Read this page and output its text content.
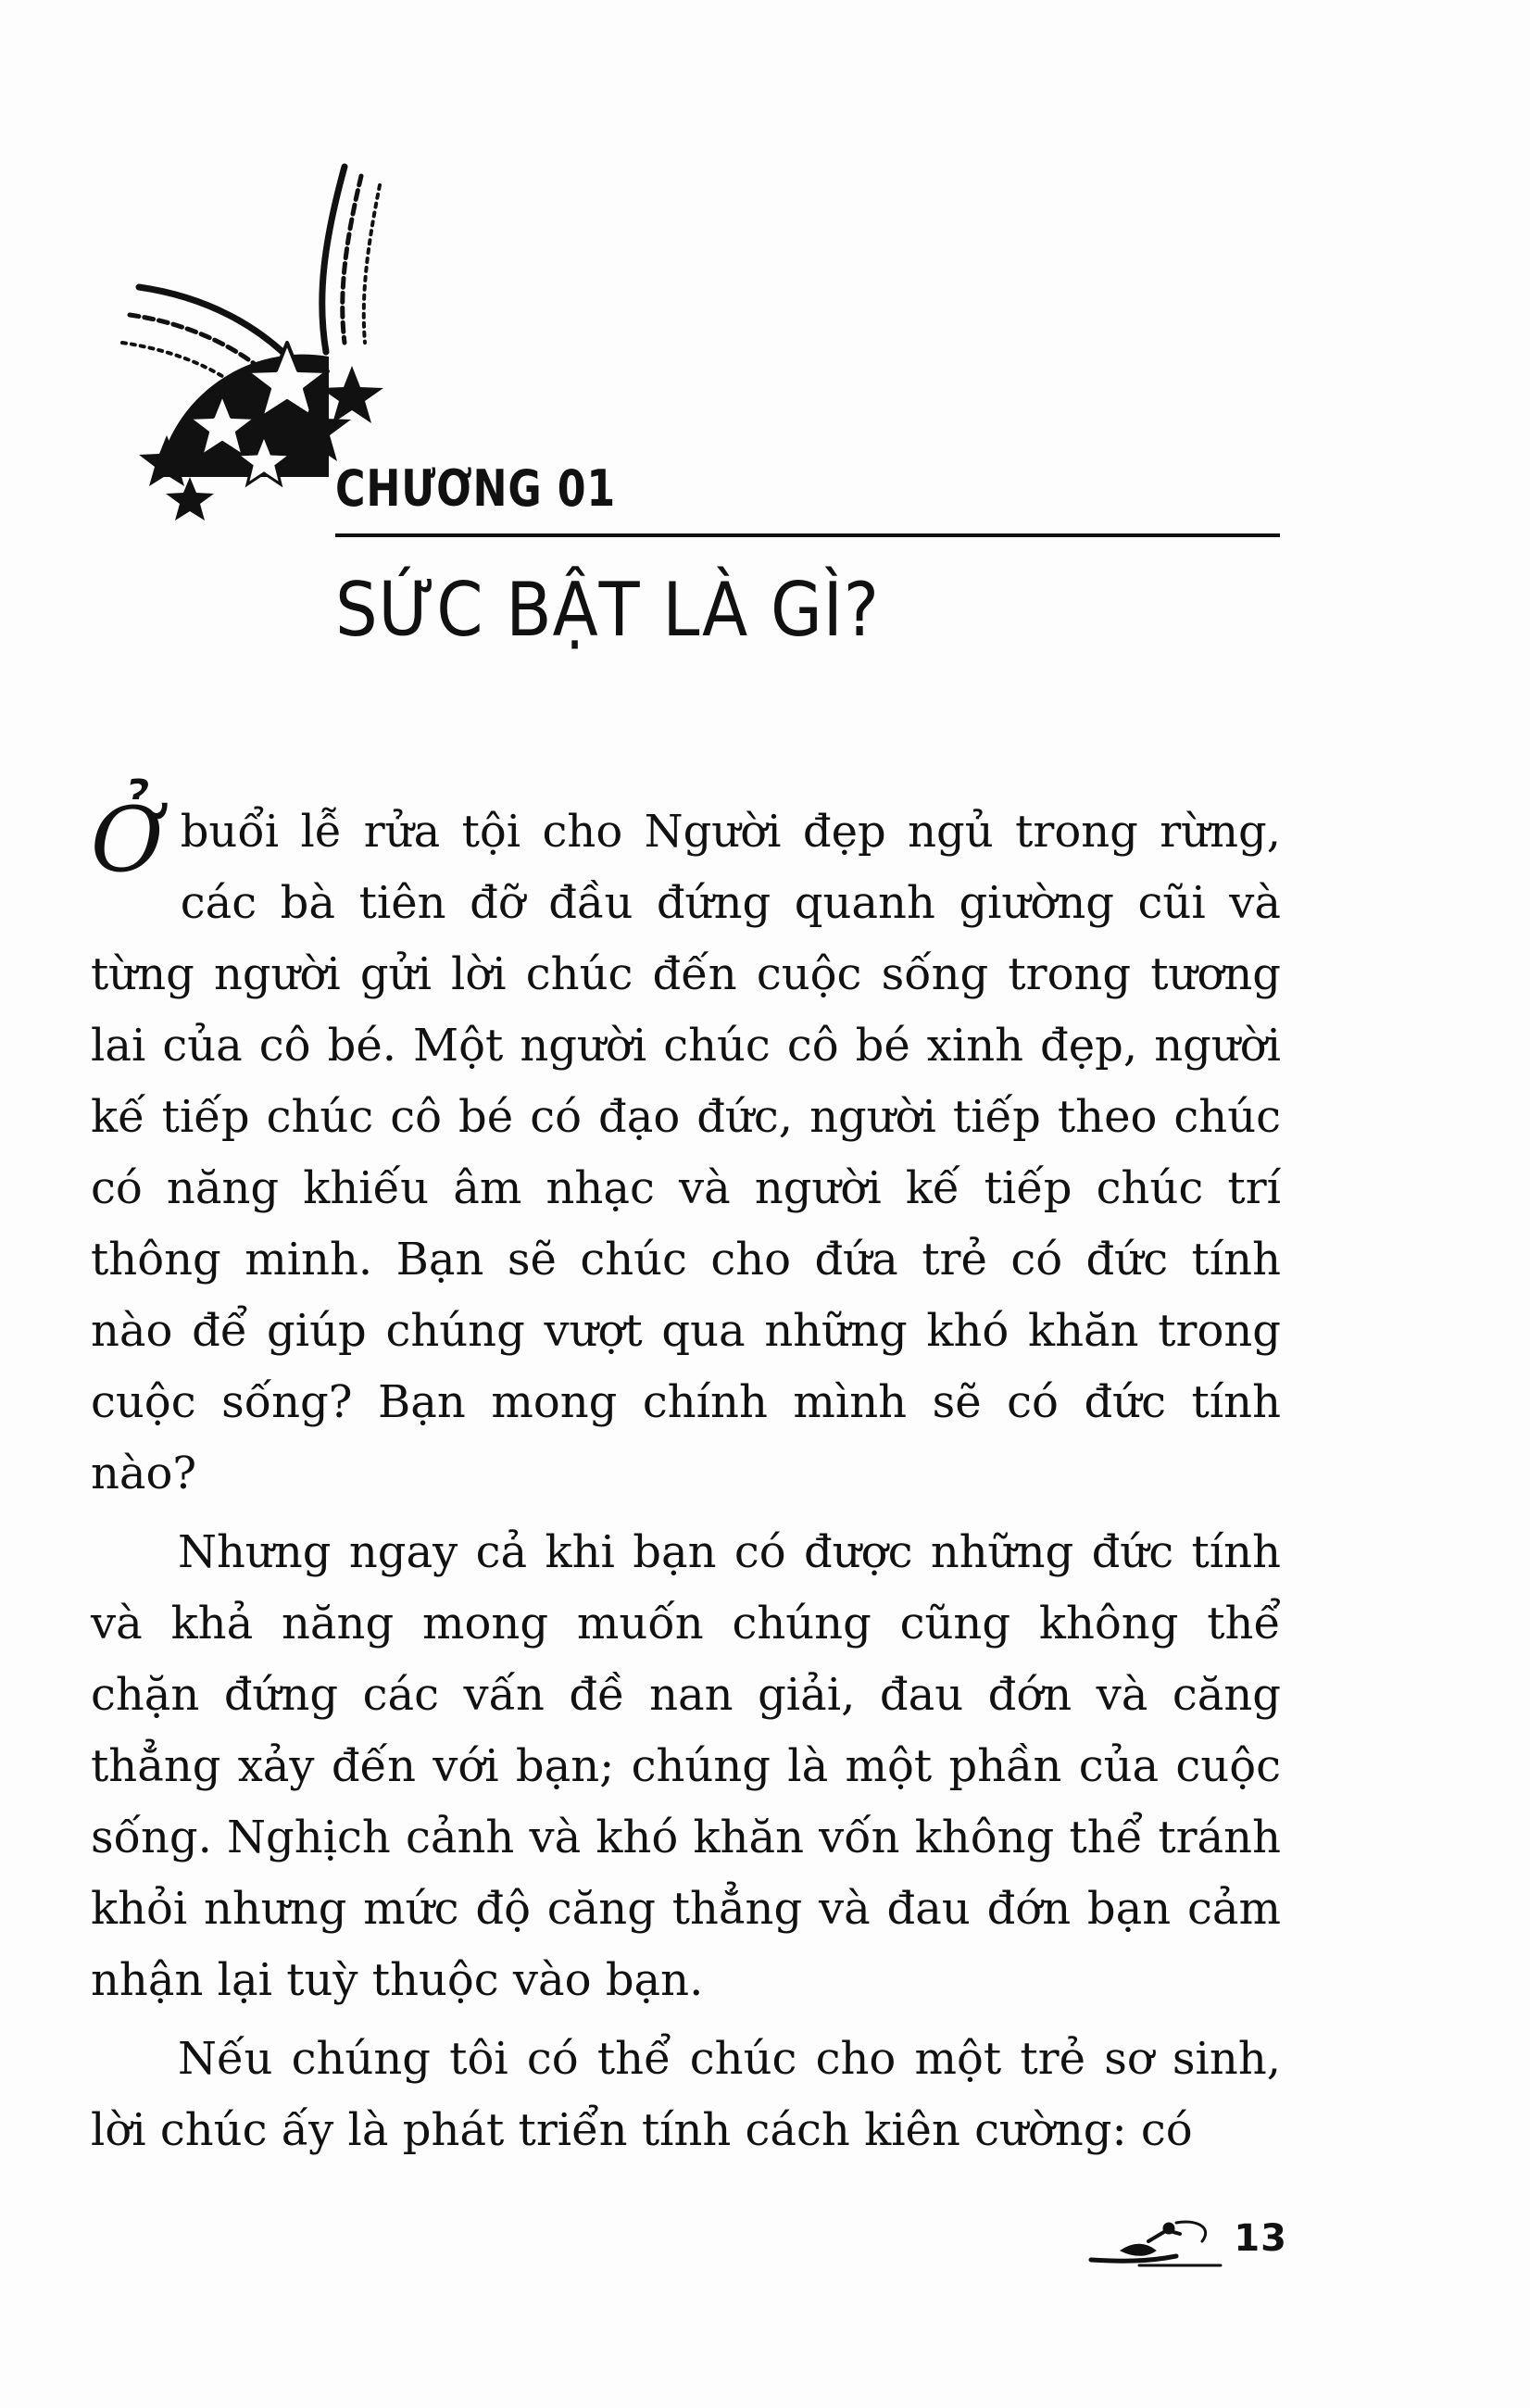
CHƯƠNG 01
SỨC BẬT LÀ GÌ?

Ởbuổi lễ rửa tội cho Người đẹp ngủ trong rừng, các bà tiên đỡ đầu đứng quanh giường cũi và từng người gửi lời chúc đến cuộc sống trong tương lai của cô bé. Một người chúc cô bé xinh đẹp, người kế tiếp chúc cô bé có đạo đức, người tiếp theo chúc có năng khiếu âm nhạc và người kế tiếp chúc trí thông minh. Bạn sẽ chúc cho đứa trẻ có đức tính nào để giúp chúng vượt qua những khó khăn trong cuộc sống? Bạn mong chính mình sẽ có đức tính nào?

Nhưng ngay cả khi bạn có được những đức tính và khả năng mong muốn chúng cũng không thể chặn đứng các vấn đề nan giải, đau đớn và căng thẳng xảy đến với bạn; chúng là một phần của cuộc sống. Nghịch cảnh và khó khăn vốn không thể tránh khỏi nhưng mức độ căng thẳng và đau đớn bạn cảm nhận lại tuỳ thuộc vào bạn.

Nếu chúng tôi có thể chúc cho một trẻ sơ sinh, lời chúc ấy là phát triển tính cách kiên cường: có

13
